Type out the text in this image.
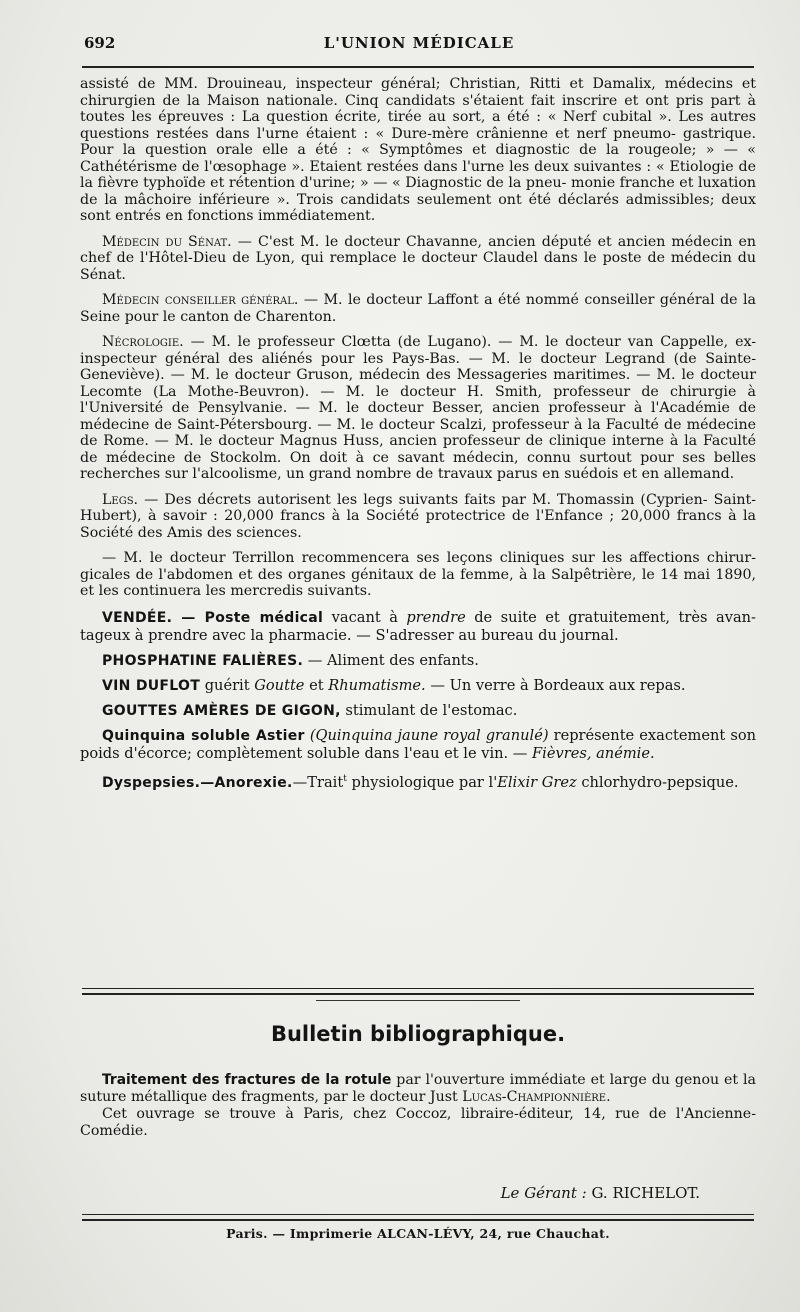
692	L'UNION MÉDICALE

assisté de MM. Drouineau, inspecteur général; Christian, Ritti et Damalix, médecins et chirurgien de la Maison nationale. Cinq candidats s'étaient fait inscrire et ont pris part à toutes les épreuves : La question écrite, tirée au sort, a été : « Nerf cubital ». Les autres questions restées dans l'urne étaient : « Dure-mère crânienne et nerf pneumo- gastrique. Pour la question orale elle a été : « Symptômes et diagnostic de la rougeole; » — « Cathétérisme de l'œsophage ». Etaient restées dans l'urne les deux suivantes : « Etiologie de la fièvre typhoïde et rétention d'urine; » — « Diagnostic de la pneu- monie franche et luxation de la mâchoire inférieure ». Trois candidats seulement ont été déclarés admissibles; deux sont entrés en fonctions immédiatement.

Médecin du Sénat. — C'est M. le docteur Chavanne, ancien député et ancien médecin en chef de l'Hôtel-Dieu de Lyon, qui remplace le docteur Claudel dans le poste de médecin du Sénat.

Médecin conseiller général. — M. le docteur Laffont a été nommé conseiller général de la Seine pour le canton de Charenton.

Nécrologie. — M. le professeur Clœtta (de Lugano). — M. le docteur van Cappelle, ex-inspecteur général des aliénés pour les Pays-Bas. — M. le docteur Legrand (de Sainte-Geneviève). — M. le docteur Gruson, médecin des Messageries maritimes. — M. le docteur Lecomte (La Mothe-Beuvron). — M. le docteur H. Smith, professeur de chirurgie à l'Université de Pensylvanie. — M. le docteur Besser, ancien professeur à l'Académie de médecine de Saint-Pétersbourg. — M. le docteur Scalzi, professeur à la Faculté de médecine de Rome. — M. le docteur Magnus Huss, ancien professeur de clinique interne à la Faculté de médecine de Stockolm. On doit à ce savant médecin, connu surtout pour ses belles recherches sur l'alcoolisme, un grand nombre de travaux parus en suédois et en allemand.

Legs. — Des décrets autorisent les legs suivants faits par M. Thomassin (Cyprien- Saint-Hubert), à savoir : 20,000 francs à la Société protectrice de l'Enfance ; 20,000 francs à la Société des Amis des sciences.

— M. le docteur Terrillon recommencera ses leçons cliniques sur les affections chirur- gicales de l'abdomen et des organes génitaux de la femme, à la Salpêtrière, le 14 mai 1890, et les continuera les mercredis suivants.

VENDÉE. — Poste médical vacant à prendre de suite et gratuitement, très avan- tageux à prendre avec la pharmacie. — S'adresser au bureau du journal.

PHOSPHATINE FALIÈRES. — Aliment des enfants.

VIN DUFLOT guérit Goutte et Rhumatisme. — Un verre à Bordeaux aux repas.

GOUTTES AMÈRES DE GIGON, stimulant de l'estomac.

Quinquina soluble Astier (Quinquina jaune royal granulé) représente exactement son poids d'écorce; complètement soluble dans l'eau et le vin. — Fièvres, anémie.

Dyspepsies.—Anorexie.—Trait$^t$ physiologique par l'Elixir Grez chlorhydro-pepsique.

Bulletin bibliographique.

Traitement des fractures de la rotule par l'ouverture immédiate et large du genou et la suture métallique des fragments, par le docteur Just Lucas-Championnière.

Cet ouvrage se trouve à Paris, chez Coccoz, libraire-éditeur, 14, rue de l'Ancienne- Comédie.

Le Gérant : G. RICHELOT.
Paris. — Imprimerie ALCAN-LÉVY, 24, rue Chauchat.
